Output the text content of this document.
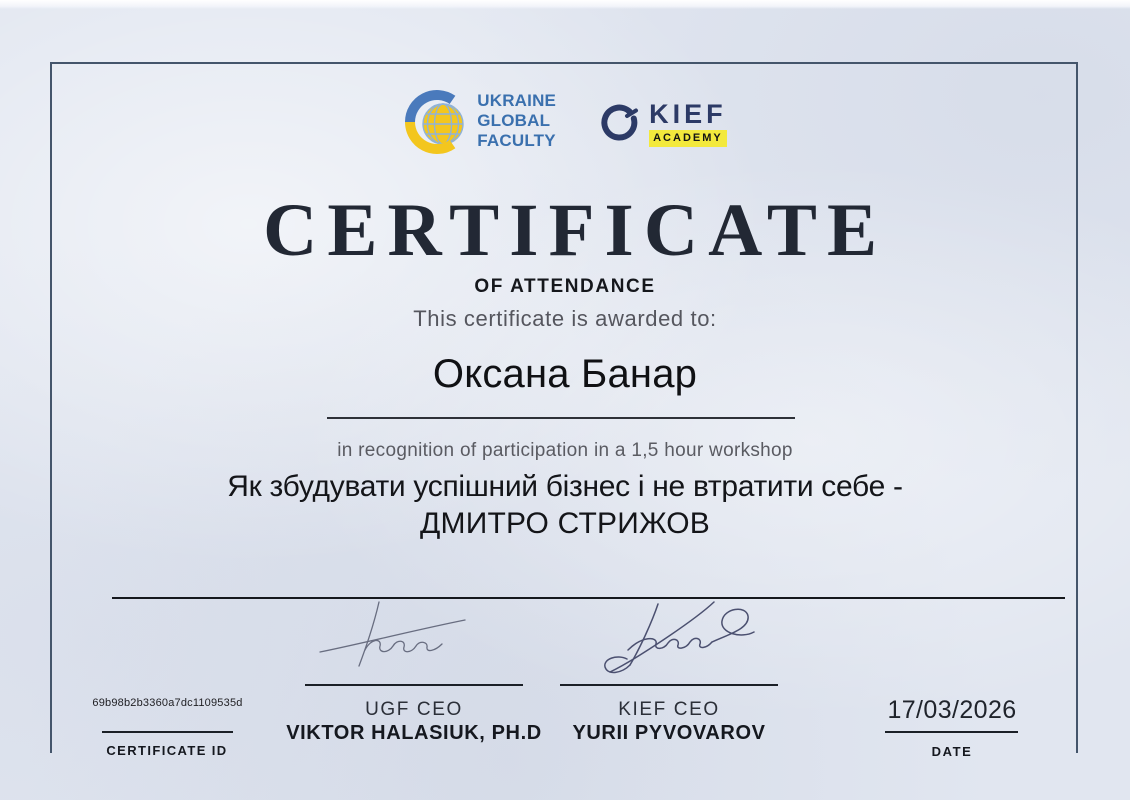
UKRAINE
GLOBAL
FACULTY
KIEF
ACADEMY
CERTIFICATE
OF ATTENDANCE
This certificate is awarded to:
Оксана Банар
in recognition of participation in a 1,5 hour workshop
Як збудувати успішний бізнес і не втратити себе -
ДМИТРО СТРИЖОВ
UGF CEO	KIEF CEO
VIKTOR HALASIUK, PH.D	YURII PYVOVAROV
69b98b2b3360a7dc1109535d
CERTIFICATE ID
17/03/2026
DATE
